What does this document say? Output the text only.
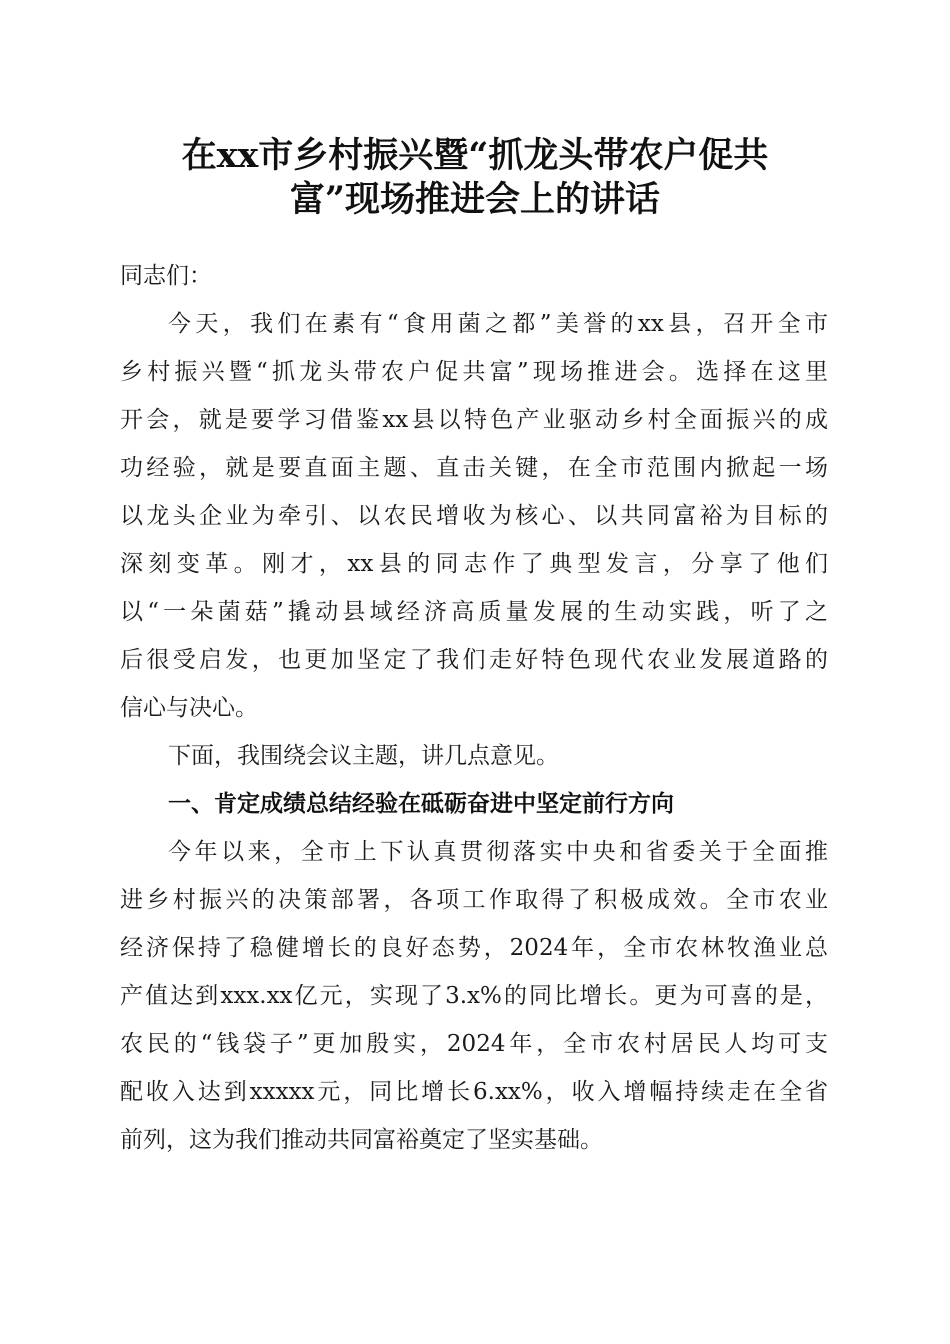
在xx市乡村振兴暨“抓龙头带农户促共
富”现场推进会上的讲话
同志们：
今天，我们在素有“食用菌之都”美誉的xx县，召开全市
乡村振兴暨“抓龙头带农户促共富”现场推进会。选择在这里
开会，就是要学习借鉴xx县以特色产业驱动乡村全面振兴的成
功经验，就是要直面主题、直击关键，在全市范围内掀起一场
以龙头企业为牵引、以农民增收为核心、以共同富裕为目标的
深刻变革。刚才，xx县的同志作了典型发言，分享了他们
以“一朵菌菇”撬动县域经济高质量发展的生动实践，听了之
后很受启发，也更加坚定了我们走好特色现代农业发展道路的
信心与决心。
下面，我围绕会议主题，讲几点意见。
一、肯定成绩总结经验在砥砺奋进中坚定前行方向
今年以来，全市上下认真贯彻落实中央和省委关于全面推
进乡村振兴的决策部署，各项工作取得了积极成效。全市农业
经济保持了稳健增长的良好态势，2024年，全市农林牧渔业总
产值达到xxx.xx亿元，实现了3.x%的同比增长。更为可喜的是，
农民的“钱袋子”更加殷实，2024年，全市农村居民人均可支
配收入达到xxxxx元，同比增长6.xx%，收入增幅持续走在全省
前列，这为我们推动共同富裕奠定了坚实基础。
